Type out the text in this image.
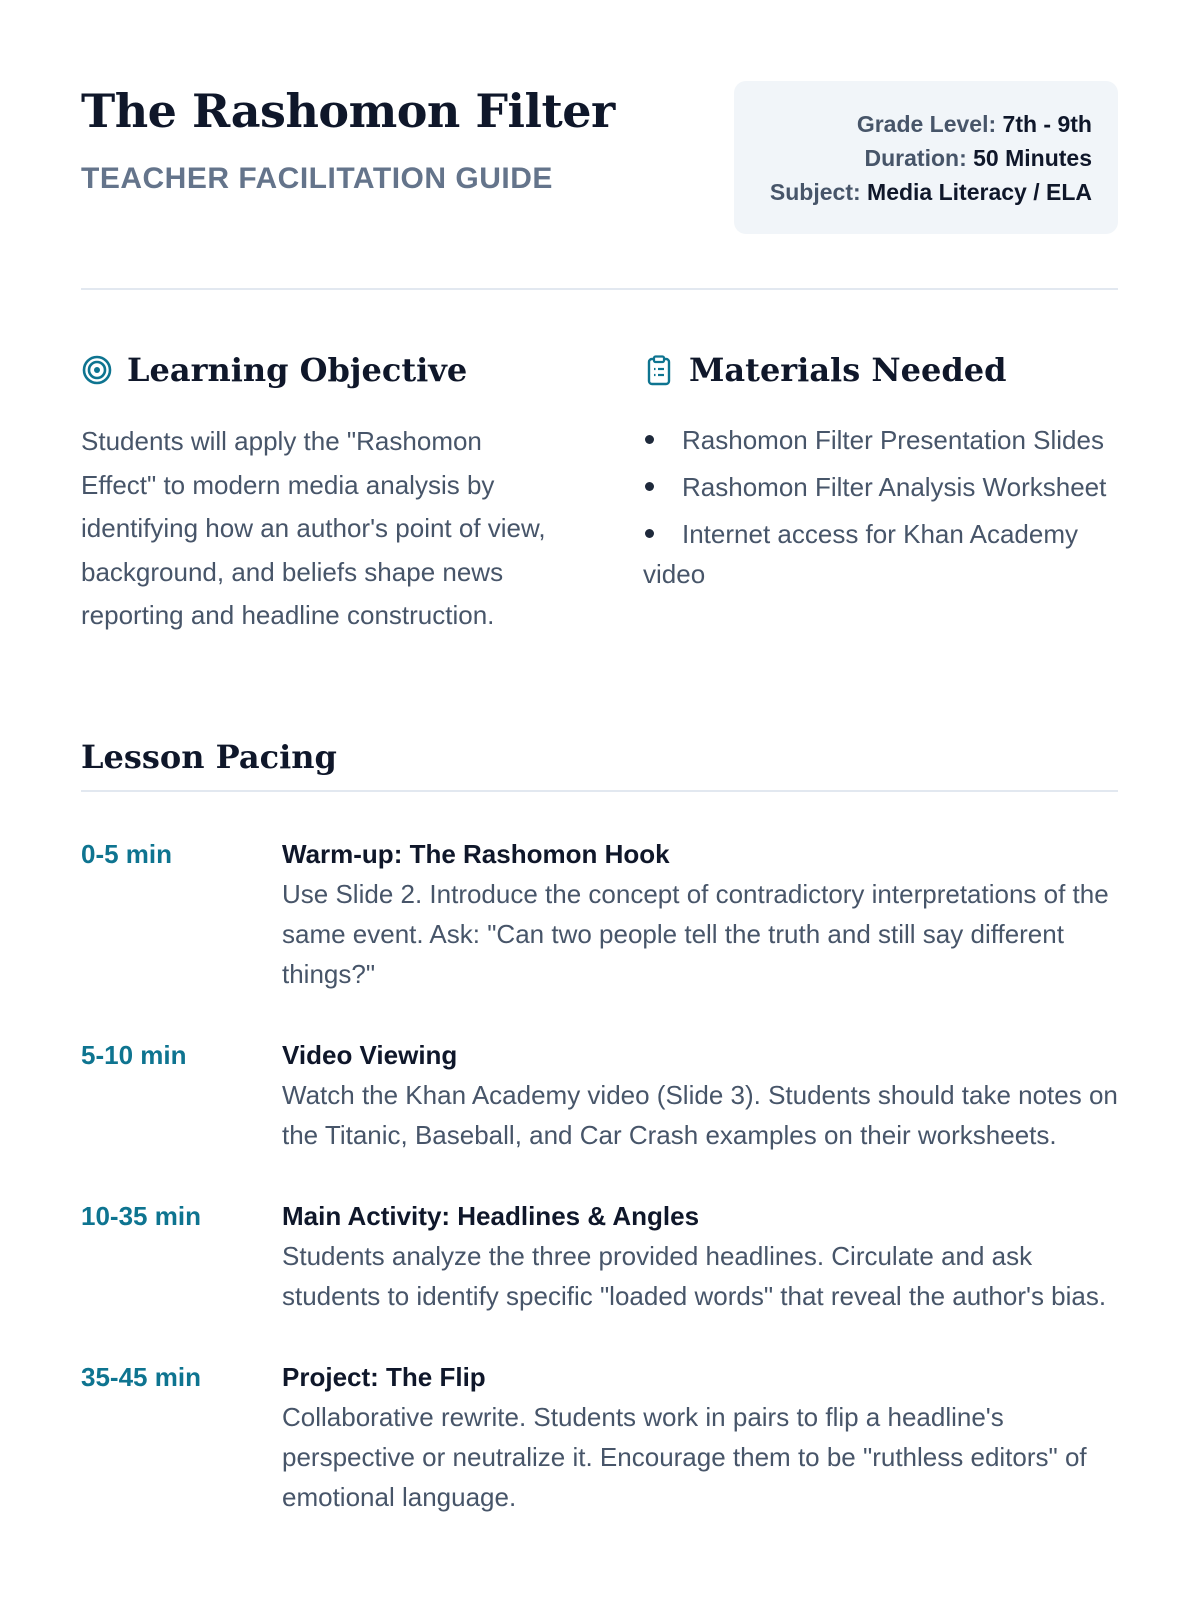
The Rashomon Filter
TEACHER FACILITATION GUIDE
Grade Level: 7th - 9th
Duration: 50 Minutes
Subject: Media Literacy / ELA
Learning Objective
Students will apply the "Rashomon Effect" to modern media analysis by identifying how an author's point of view, background, and beliefs shape news reporting and headline construction.
Materials Needed
Rashomon Filter Presentation Slides
Rashomon Filter Analysis Worksheet
Internet access for Khan Academy video
Lesson Pacing
0-5 min	Warm-up: The Rashomon Hook
Use Slide 2. Introduce the concept of contradictory interpretations of the same event. Ask: "Can two people tell the truth and still say different things?"
5-10 min	Video Viewing
Watch the Khan Academy video (Slide 3). Students should take notes on the Titanic, Baseball, and Car Crash examples on their worksheets.
10-35 min	Main Activity: Headlines & Angles
Students analyze the three provided headlines. Circulate and ask students to identify specific "loaded words" that reveal the author's bias.
35-45 min	Project: The Flip
Collaborative rewrite. Students work in pairs to flip a headline's perspective or neutralize it. Encourage them to be "ruthless editors" of emotional language.
